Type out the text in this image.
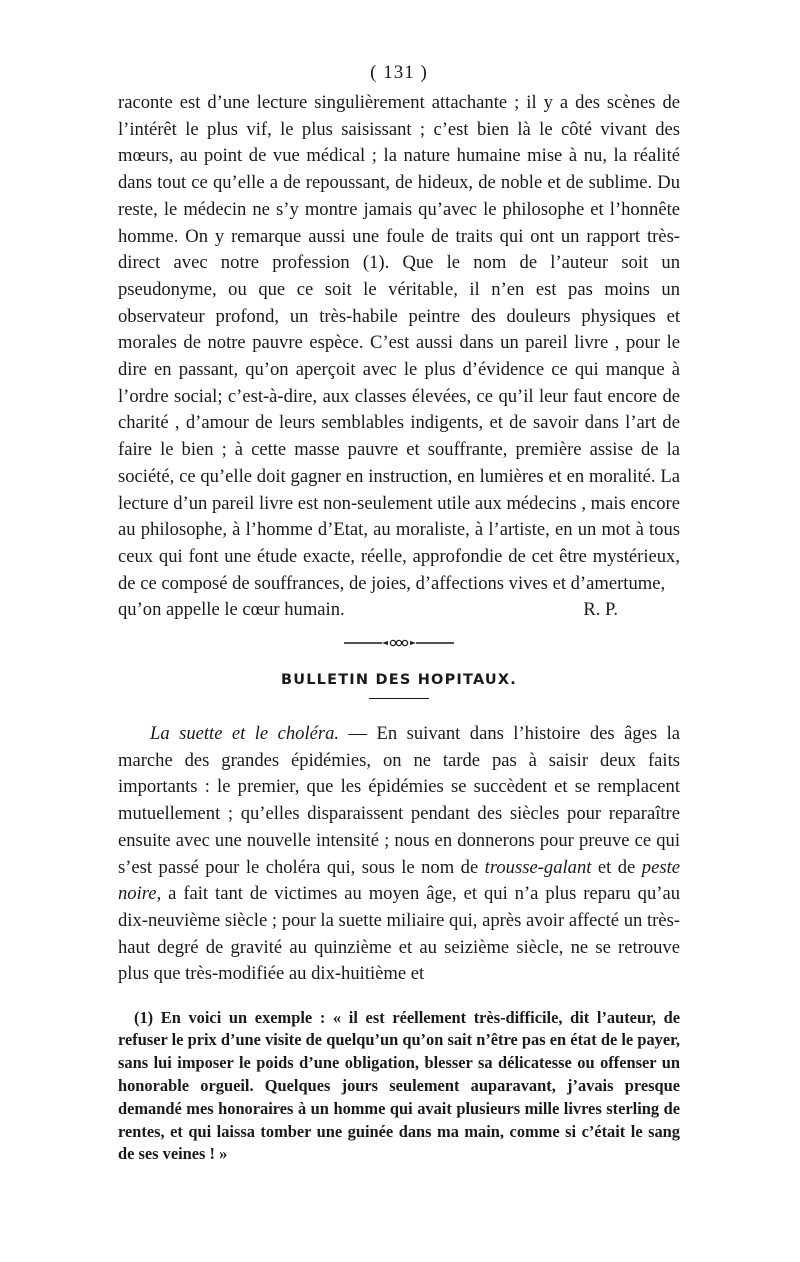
( 131 )

raconte est d’une lecture singulièrement attachante ; il y a des scènes de l’intérêt le plus vif, le plus saisissant ; c’est bien là le côté vivant des mœurs, au point de vue médical ; la nature humaine mise à nu, la réalité dans tout ce qu’elle a de repoussant, de hideux, de noble et de sublime. Du reste, le médecin ne s’y montre jamais qu’avec le philosophe et l’honnête homme. On y remarque aussi une foule de traits qui ont un rapport très-direct avec notre profession (1). Que le nom de l’auteur soit un pseudonyme, ou que ce soit le véritable, il n’en est pas moins un observateur profond, un très-habile peintre des douleurs physiques et morales de notre pauvre espèce. C’est aussi dans un pareil livre , pour le dire en passant, qu’on aperçoit avec le plus d’évidence ce qui manque à l’ordre social; c’est-à-dire, aux classes élevées, ce qu’il leur faut encore de charité , d’amour de leurs semblables indigents, et de savoir dans l’art de faire le bien ; à cette masse pauvre et souffrante, première assise de la société, ce qu’elle doit gagner en instruction, en lumières et en moralité. La lecture d’un pareil livre est non-seulement utile aux médecins , mais encore au philosophe, à l’homme d’Etat, au moraliste, à l’artiste, en un mot à tous ceux qui font une étude exacte, réelle, approfondie de cet être mystérieux, de ce composé de souffrances, de joies, d’affections vives et d’amertume,

qu’on appelle le cœur humain.	R. P.
BULLETIN DES HOPITAUX.

La suette et le choléra. — En suivant dans l’histoire des âges la marche des grandes épidémies, on ne tarde pas à saisir deux faits importants : le premier, que les épidémies se succèdent et se remplacent mutuellement ; qu’elles disparaissent pendant des siècles pour reparaître ensuite avec une nouvelle intensité ; nous en donnerons pour preuve ce qui s’est passé pour le choléra qui, sous le nom de trousse-galant et de peste noire, a fait tant de victimes au moyen âge, et qui n’a plus reparu qu’au dix-neuvième siècle ; pour la suette miliaire qui, après avoir affecté un très-haut degré de gravité au quinzième et au seizième siècle, ne se retrouve plus que très-modifiée au dix-huitième et

(1) En voici un exemple : « il est réellement très-difficile, dit l’auteur, de refuser le prix d’une visite de quelqu’un qu’on sait n’être pas en état de le payer, sans lui imposer le poids d’une obligation, blesser sa délicatesse ou offenser un honorable orgueil. Quelques jours seulement auparavant, j’avais presque demandé mes honoraires à un homme qui avait plusieurs mille livres sterling de rentes, et qui laissa tomber une guinée dans ma main, comme si c’était le sang de ses veines ! »
